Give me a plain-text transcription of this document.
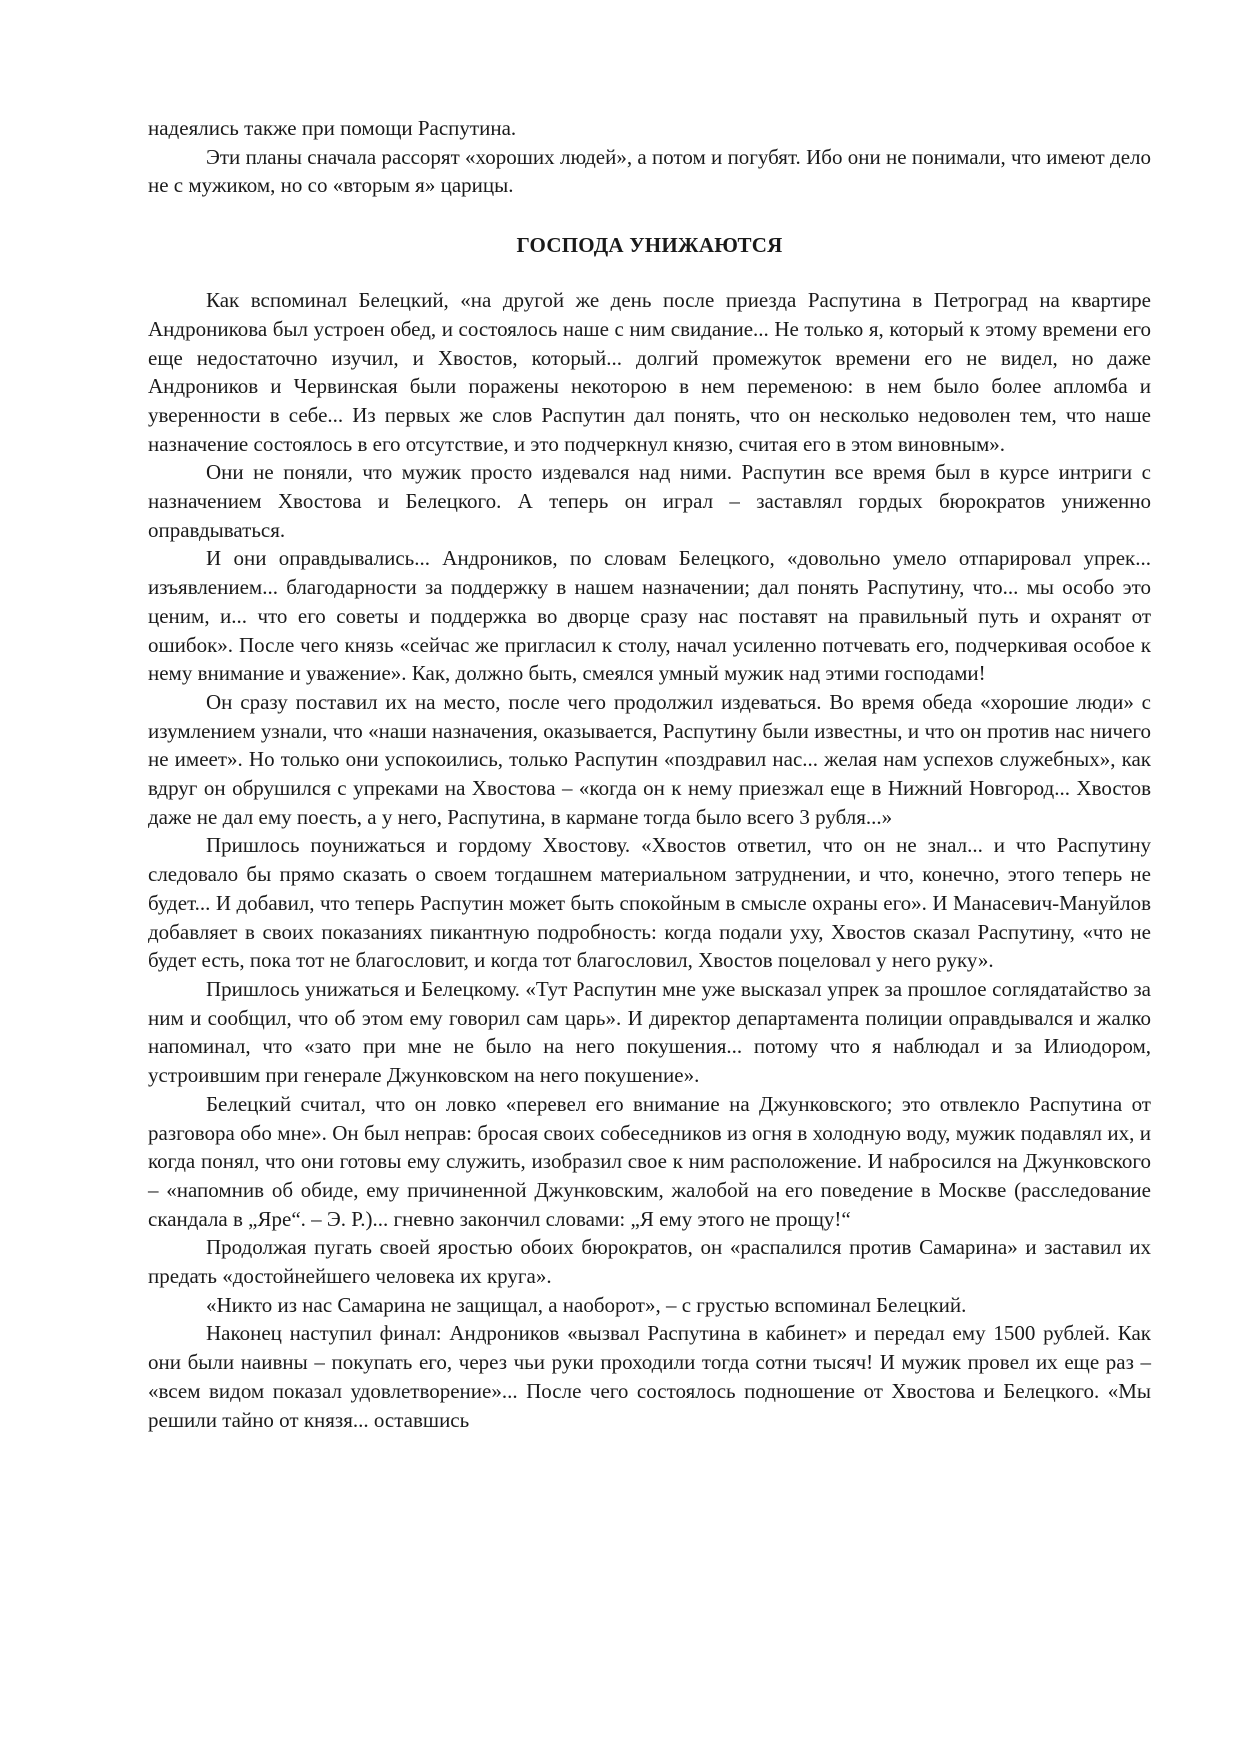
надеялись также при помощи Распутина.

Эти планы сначала рассорят «хороших людей», а потом и погубят. Ибо они не понимали, что имеют дело не с мужиком, но со «вторым я» царицы.

ГОСПОДА УНИЖАЮТСЯ

Как вспоминал Белецкий, «на другой же день после приезда Распутина в Петроград на квартире Андроникова был устроен обед, и состоялось наше с ним свидание... Не только я, который к этому времени его еще недостаточно изучил, и Хвостов, который... долгий промежуток времени его не видел, но даже Андроников и Червинская были поражены некоторою в нем переменою: в нем было более апломба и уверенности в себе... Из первых же слов Распутин дал понять, что он несколько недоволен тем, что наше назначение состоялось в его отсутствие, и это подчеркнул князю, считая его в этом виновным».

Они не поняли, что мужик просто издевался над ними. Распутин все время был в курсе интриги с назначением Хвостова и Белецкого. А теперь он играл – заставлял гордых бюрократов униженно оправдываться.

И они оправдывались... Андроников, по словам Белецкого, «довольно умело отпарировал упрек... изъявлением... благодарности за поддержку в нашем назначении; дал понять Распутину, что... мы особо это ценим, и... что его советы и поддержка во дворце сразу нас поставят на правильный путь и охранят от ошибок». После чего князь «сейчас же пригласил к столу, начал усиленно потчевать его, подчеркивая особое к нему внимание и уважение». Как, должно быть, смеялся умный мужик над этими господами!

Он сразу поставил их на место, после чего продолжил издеваться. Во время обеда «хорошие люди» с изумлением узнали, что «наши назначения, оказывается, Распутину были известны, и что он против нас ничего не имеет». Но только они успокоились, только Распутин «поздравил нас... желая нам успехов служебных», как вдруг он обрушился с упреками на Хвостова – «когда он к нему приезжал еще в Нижний Новгород... Хвостов даже не дал ему поесть, а у него, Распутина, в кармане тогда было всего 3 рубля...»

Пришлось поунижаться и гордому Хвостову. «Хвостов ответил, что он не знал... и что Распутину следовало бы прямо сказать о своем тогдашнем материальном затруднении, и что, конечно, этого теперь не будет... И добавил, что теперь Распутин может быть спокойным в смысле охраны его». И Манасевич-Мануйлов добавляет в своих показаниях пикантную подробность: когда подали уху, Хвостов сказал Распутину, «что не будет есть, пока тот не благословит, и когда тот благословил, Хвостов поцеловал у него руку».

Пришлось унижаться и Белецкому. «Тут Распутин мне уже высказал упрек за прошлое соглядатайство за ним и сообщил, что об этом ему говорил сам царь». И директор департамента полиции оправдывался и жалко напоминал, что «зато при мне не было на него покушения... потому что я наблюдал и за Илиодором, устроившим при генерале Джунковском на него покушение».

Белецкий считал, что он ловко «перевел его внимание на Джунковского; это отвлекло Распутина от разговора обо мне». Он был неправ: бросая своих собеседников из огня в холодную воду, мужик подавлял их, и когда понял, что они готовы ему служить, изобразил свое к ним расположение. И набросился на Джунковского – «напомнив об обиде, ему причиненной Джунковским, жалобой на его поведение в Москве (расследование скандала в „Яре“. – Э. Р.)... гневно закончил словами: „Я ему этого не прощу!“

Продолжая пугать своей яростью обоих бюрократов, он «распалился против Самарина» и заставил их предать «достойнейшего человека их круга».

«Никто из нас Самарина не защищал, а наоборот», – с грустью вспоминал Белецкий.

Наконец наступил финал: Андроников «вызвал Распутина в кабинет» и передал ему 1500 рублей. Как они были наивны – покупать его, через чьи руки проходили тогда сотни тысяч! И мужик провел их еще раз – «всем видом показал удовлетворение»... После чего состоялось подношение от Хвостова и Белецкого. «Мы решили тайно от князя... оставшись
